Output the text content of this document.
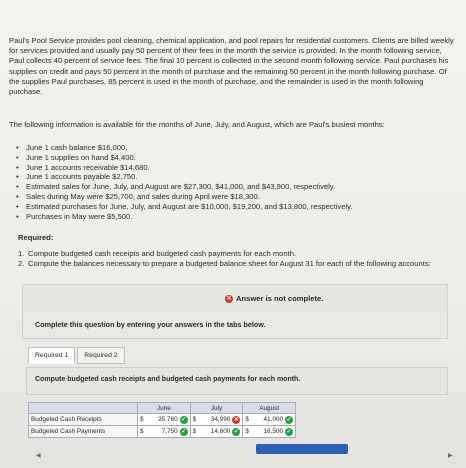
Paul's Pool Service provides pool cleaning, chemical application, and pool repairs for residential customers. Clients are billed weekly for services provided and usually pay 50 percent of their fees in the month the service is provided. In the month following service, Paul collects 40 percent of service fees. The final 10 percent is collected in the second month following service. Paul purchases his supplies on credit and pays 50 percent in the month of purchase and the remaining 50 percent in the month following purchase. Of the supplies Paul purchases, 85 percent is used in the month of purchase, and the remainder is used in the month following purchase.

The following information is available for the months of June, July, and August, which are Paul's busiest months:
• June 1 cash balance $16,000.
• June 1 supplies on hand $4,400.
• June 1 accounts receivable $14,680.
• June 1 accounts payable $2,750.
• Estimated sales for June, July, and August are $27,300, $41,000, and $43,900, respectively.
• Sales during May were $25,700, and sales during April were $18,300.
• Estimated purchases for June, July, and August are $10,000, $19,200, and $13,800, respectively.
• Purchases in May were $5,500.
Required:
1. Compute budgeted cash receipts and budgeted cash payments for each month.
2. Compute the balances necessary to prepare a budgeted balance sheet for August 31 for each of the following accounts:
✕ Answer is not complete.
Complete this question by entering your answers in the tabs below.
Required 1	Required 2
Compute budgeted cash receipts and budgeted cash payments for each month.
	June	July	August
Budgeted Cash Receipts	$ 25,760 ✓	$ 34,990 ✕	$ 41,000 ✓

Budgeted Cash Payments	$ 7,750 ✓	$ 14,600 ✓	$ 16,500 ✓
◀	▶
